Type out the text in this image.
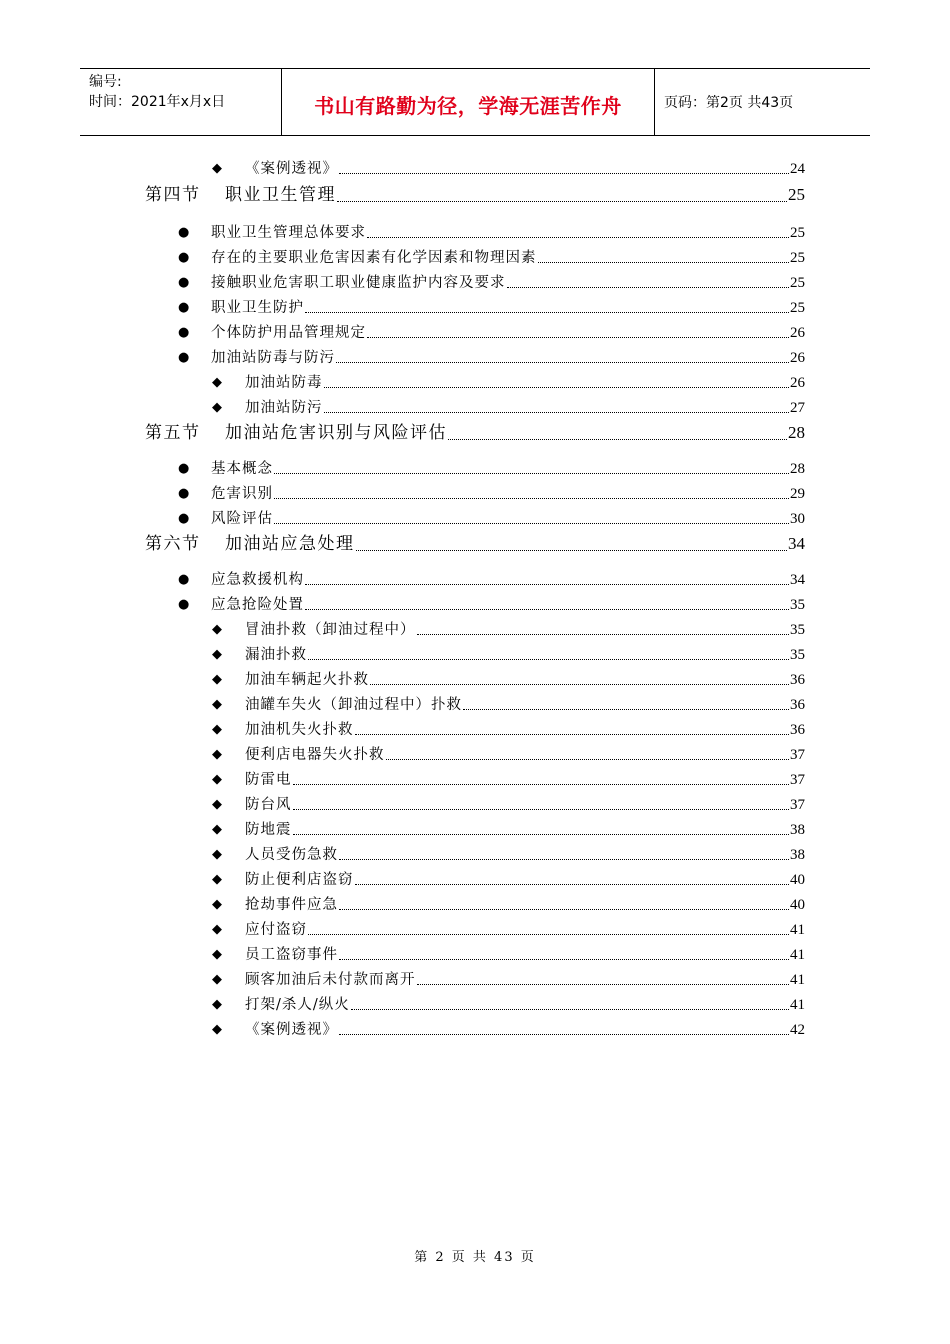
编号:
时间：2021年x月x日	书山有路勤为径，学海无涯苦作舟	页码：第2页 共43页
◆ 《案例透视》	24
第四节 职业卫生管理	25
● 职业卫生管理总体要求	25
● 存在的主要职业危害因素有化学因素和物理因素	25
● 接触职业危害职工职业健康监护内容及要求	25
● 职业卫生防护	25
● 个体防护用品管理规定	26
● 加油站防毒与防污	26
◆ 加油站防毒	26
◆ 加油站防污	27
第五节 加油站危害识别与风险评估	28
● 基本概念	28
● 危害识别	29
● 风险评估	30
第六节 加油站应急处理	34
● 应急救援机构	34
● 应急抢险处置	35
◆ 冒油扑救（卸油过程中）	35
◆ 漏油扑救	35
◆ 加油车辆起火扑救	36
◆ 油罐车失火（卸油过程中）扑救	36
◆ 加油机失火扑救	36
◆ 便利店电器失火扑救	37
◆ 防雷电	37
◆ 防台风	37
◆ 防地震	38
◆ 人员受伤急救	38
◆ 防止便利店盗窃	40
◆ 抢劫事件应急	40
◆ 应付盗窃	41
◆ 员工盗窃事件	41
◆ 顾客加油后未付款而离开	41
◆ 打架/杀人/纵火	41
◆ 《案例透视》	42
第 2 页 共 43 页
